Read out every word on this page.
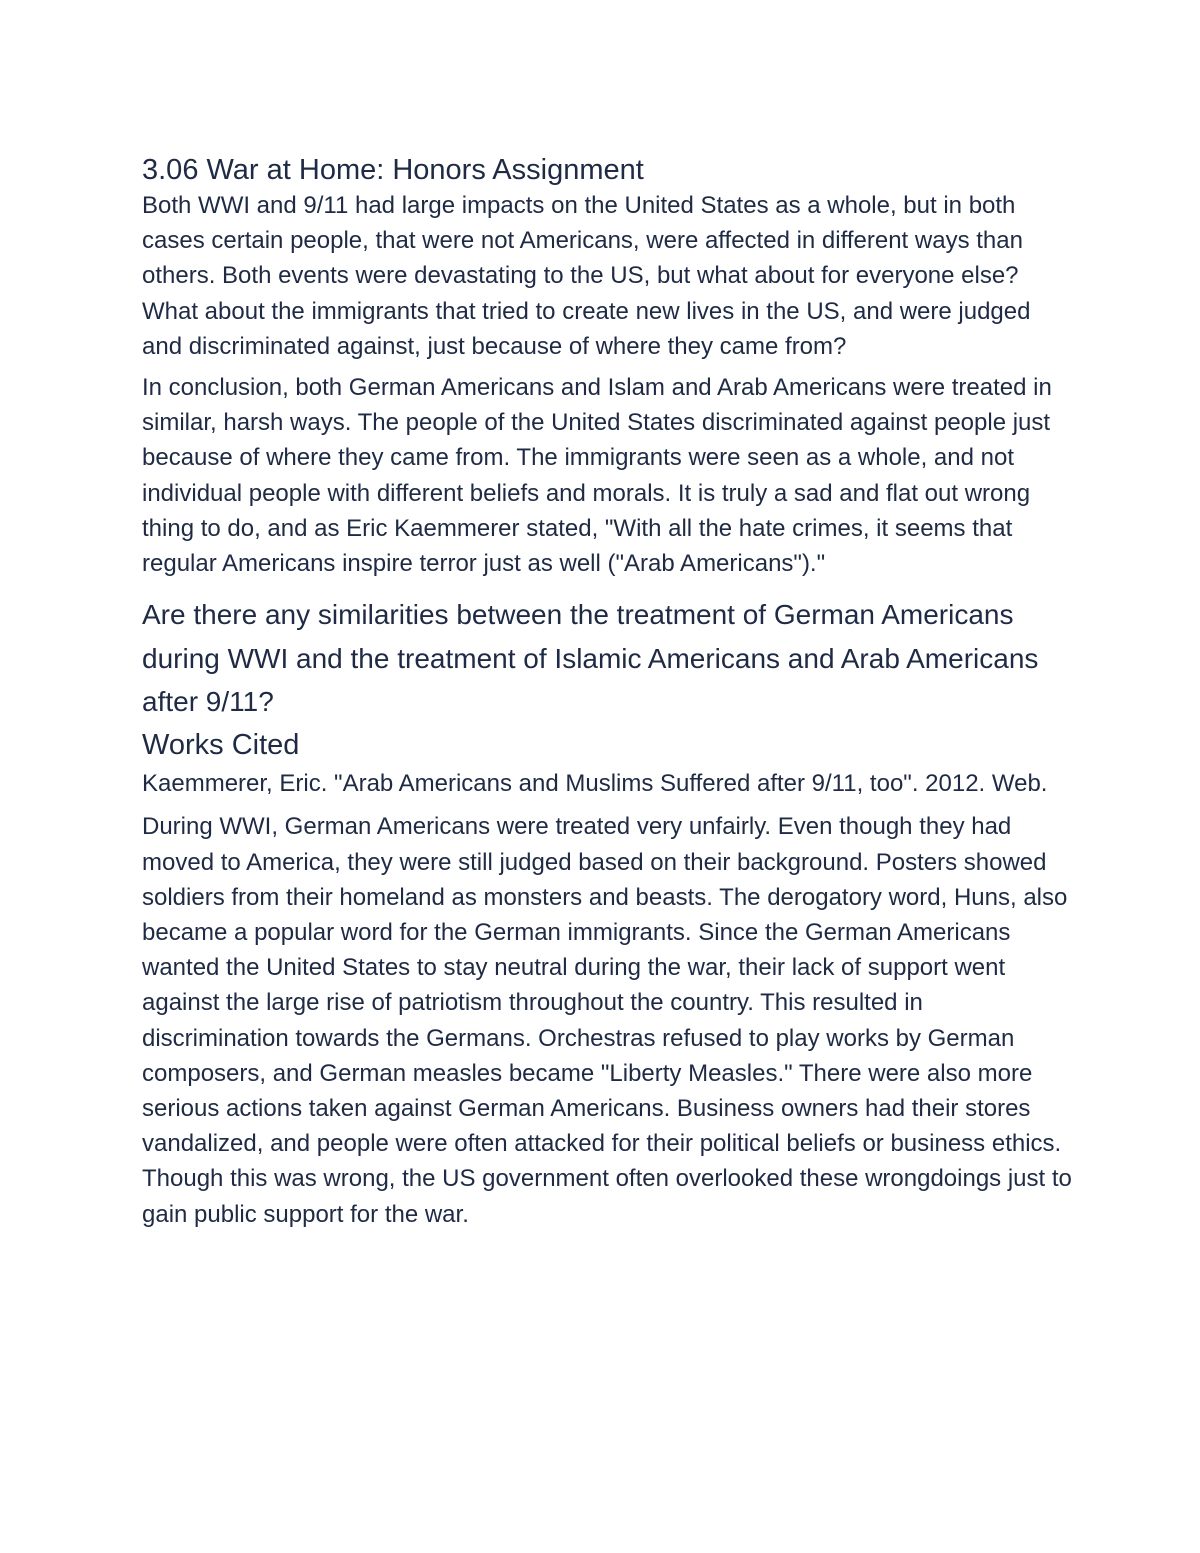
3.06 War at Home: Honors Assignment

Both WWI and 9/11 had large impacts on the United States as a whole, but in both cases certain people, that were not Americans, were affected in different ways than others. Both events were devastating to the US, but what about for everyone else? What about the immigrants that tried to create new lives in the US, and were judged and discriminated against, just because of where they came from?

In conclusion, both German Americans and Islam and Arab Americans were treated in similar, harsh ways. The people of the United States discriminated against people just because of where they came from. The immigrants were seen as a whole, and not individual people with different beliefs and morals. It is truly a sad and flat out wrong thing to do, and as Eric Kaemmerer stated, "With all the hate crimes, it seems that regular Americans inspire terror just as well ("Arab Americans")."

Are there any similarities between the treatment of German Americans during WWI and the treatment of Islamic Americans and Arab Americans after 9/11?
Works Cited

Kaemmerer, Eric. "Arab Americans and Muslims Suffered after 9/11, too". 2012. Web.

During WWI, German Americans were treated very unfairly. Even though they had moved to America, they were still judged based on their background. Posters showed soldiers from their homeland as monsters and beasts. The derogatory word, Huns, also became a popular word for the German immigrants. Since the German Americans wanted the United States to stay neutral during the war, their lack of support went against the large rise of patriotism throughout the country. This resulted in discrimination towards the Germans. Orchestras refused to play works by German composers, and German measles became "Liberty Measles." There were also more serious actions taken against German Americans. Business owners had their stores vandalized, and people were often attacked for their political beliefs or business ethics. Though this was wrong, the US government often overlooked these wrongdoings just to gain public support for the war.
